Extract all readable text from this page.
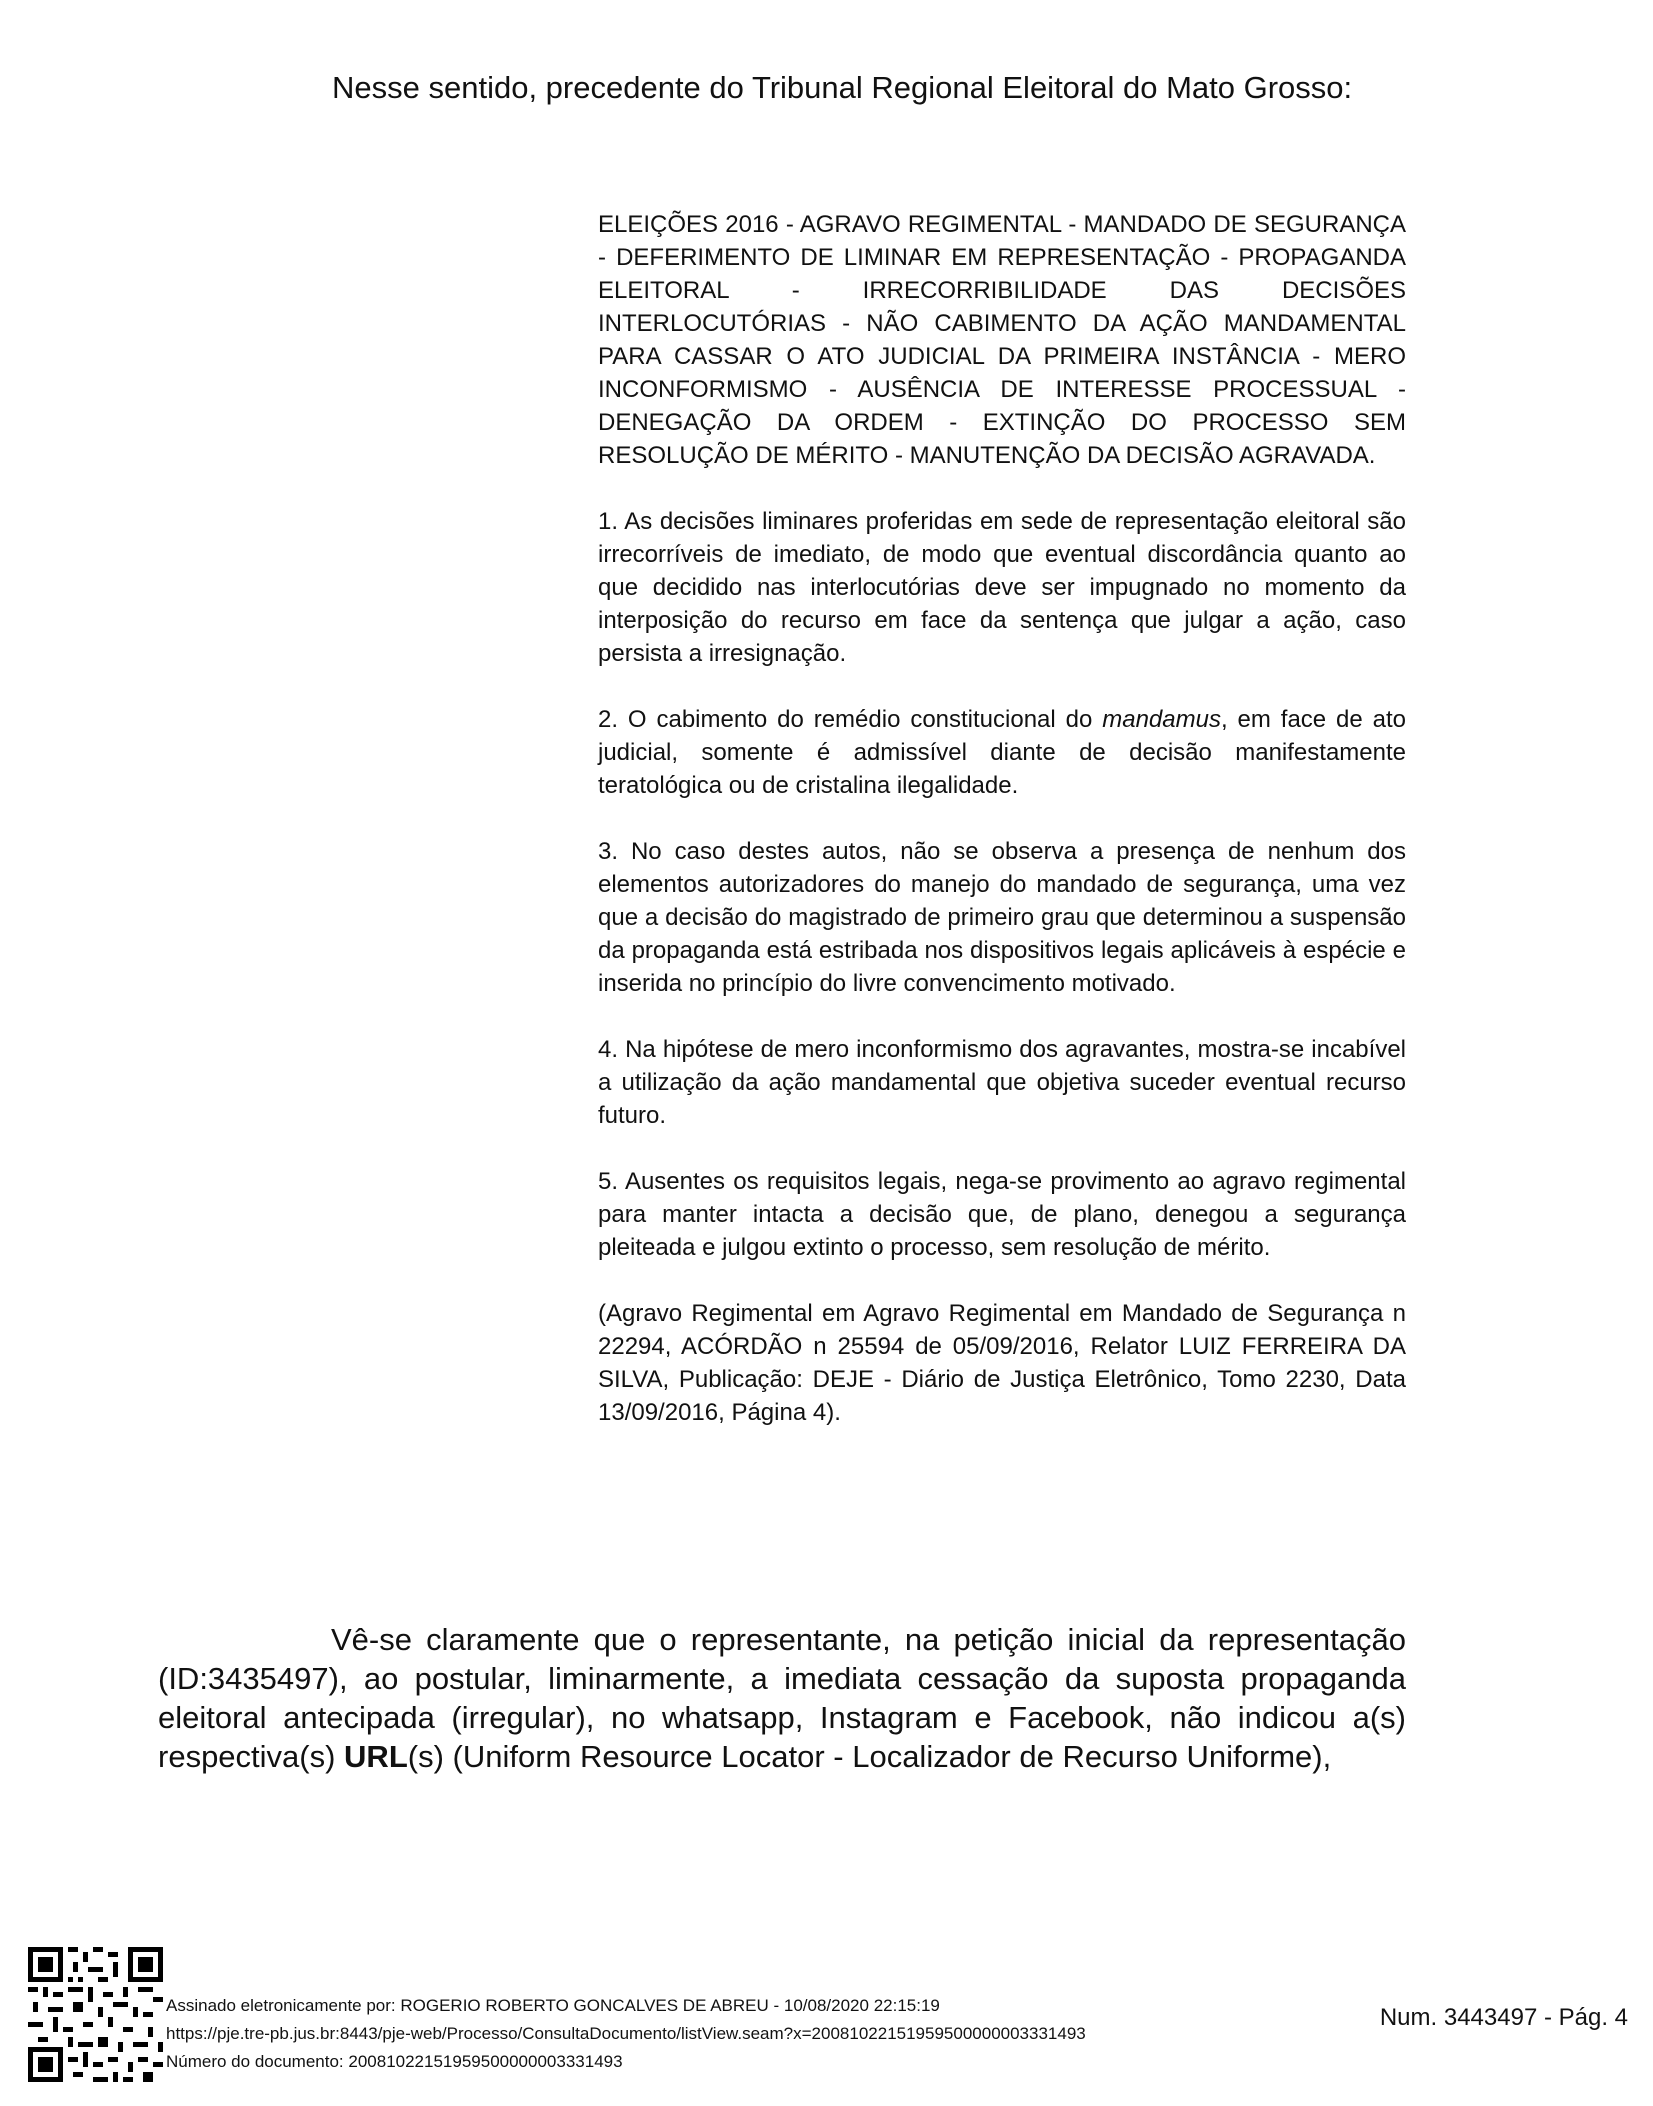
Nesse sentido, precedente do Tribunal Regional Eleitoral do Mato Grosso:

ELEIÇÕES 2016 - AGRAVO REGIMENTAL - MANDADO DE SEGURANÇA - DEFERIMENTO DE LIMINAR EM REPRESENTAÇÃO - PROPAGANDA ELEITORAL - IRRECORRIBILIDADE DAS DECISÕES INTERLOCUTÓRIAS - NÃO CABIMENTO DA AÇÃO MANDAMENTAL PARA CASSAR O ATO JUDICIAL DA PRIMEIRA INSTÂNCIA - MERO INCONFORMISMO - AUSÊNCIA DE INTERESSE PROCESSUAL - DENEGAÇÃO DA ORDEM - EXTINÇÃO DO PROCESSO SEM RESOLUÇÃO DE MÉRITO - MANUTENÇÃO DA DECISÃO AGRAVADA.

1. As decisões liminares proferidas em sede de representação eleitoral são irrecorríveis de imediato, de modo que eventual discordância quanto ao que decidido nas interlocutórias deve ser impugnado no momento da interposição do recurso em face da sentença que julgar a ação, caso persista a irresignação.

2. O cabimento do remédio constitucional do mandamus, em face de ato judicial, somente é admissível diante de decisão manifestamente teratológica ou de cristalina ilegalidade.

3. No caso destes autos, não se observa a presença de nenhum dos elementos autorizadores do manejo do mandado de segurança, uma vez que a decisão do magistrado de primeiro grau que determinou a suspensão da propaganda está estribada nos dispositivos legais aplicáveis à espécie e inserida no princípio do livre convencimento motivado.

4. Na hipótese de mero inconformismo dos agravantes, mostra-se incabível a utilização da ação mandamental que objetiva suceder eventual recurso futuro.

5. Ausentes os requisitos legais, nega-se provimento ao agravo regimental para manter intacta a decisão que, de plano, denegou a segurança pleiteada e julgou extinto o processo, sem resolução de mérito.

(Agravo Regimental em Agravo Regimental em Mandado de Segurança n 22294, ACÓRDÃO n 25594 de 05/09/2016, Relator LUIZ FERREIRA DA SILVA, Publicação: DEJE - Diário de Justiça Eletrônico, Tomo 2230, Data 13/09/2016, Página 4).

Vê-se claramente que o representante, na petição inicial da representação (ID:3435497), ao postular, liminarmente, a imediata cessação da suposta propaganda eleitoral antecipada (irregular), no whatsapp, Instagram e Facebook, não indicou a(s) respectiva(s) URL(s) (Uniform Resource Locator - Localizador de Recurso Uniforme),

Assinado eletronicamente por: ROGERIO ROBERTO GONCALVES DE ABREU - 10/08/2020 22:15:19
https://pje.tre-pb.jus.br:8443/pje-web/Processo/ConsultaDocumento/listView.seam?x=20081022151959500000003331493
Número do documento: 20081022151959500000003331493
Num. 3443497 - Pág. 4
